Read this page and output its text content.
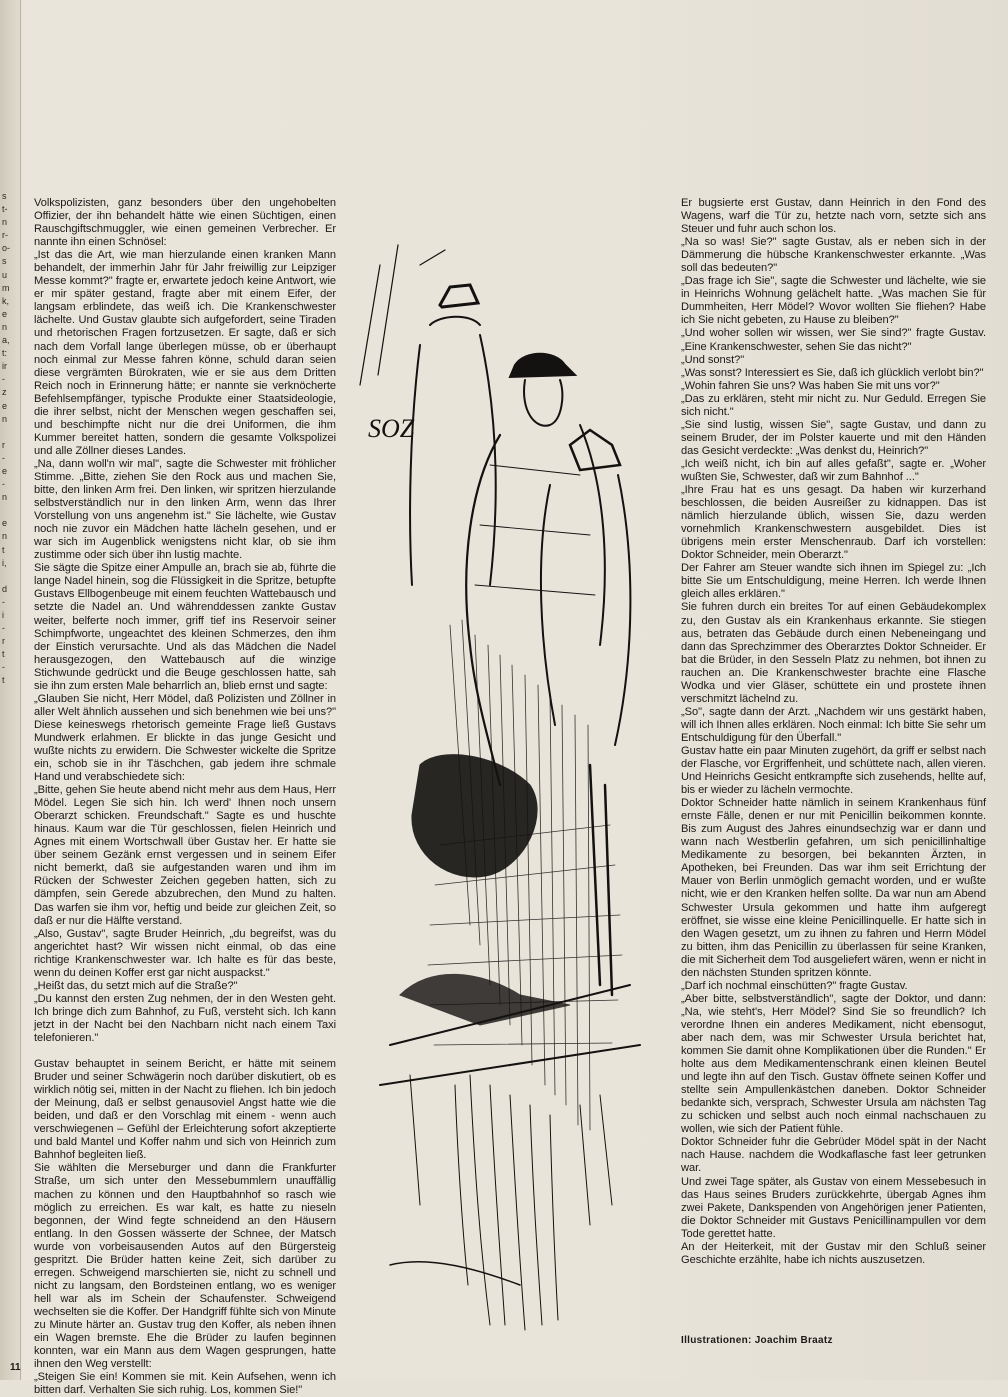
s
t-
n
r-
o-
s
u
m
k,
e
n
a,
t:
ir
-
z
e
n
r
-
e
-
n
e
n
t
i,
d
-
i
-
r
t
-
t

Volkspolizisten, ganz besonders über den ungehobelten Offizier, der ihn behandelt hätte wie einen Süchtigen, einen Rauschgiftschmuggler, wie einen gemeinen Verbrecher. Er nannte ihn einen Schnösel:

„Ist das die Art, wie man hierzulande einen kranken Mann behandelt, der immerhin Jahr für Jahr freiwillig zur Leipziger Messe kommt?" fragte er, erwartete jedoch keine Antwort, wie er mir später gestand, fragte aber mit einem Eifer, der langsam erblindete, das weiß ich. Die Krankenschwester lächelte. Und Gustav glaubte sich aufgefordert, seine Tiraden und rhetorischen Fragen fortzusetzen. Er sagte, daß er sich nach dem Vorfall lange überlegen müsse, ob er überhaupt noch einmal zur Messe fahren könne, schuld daran seien diese vergrämten Bürokraten, wie er sie aus dem Dritten Reich noch in Erinnerung hätte; er nannte sie verknöcherte Befehlsempfänger, typische Produkte einer Staatsideologie, die ihrer selbst, nicht der Menschen wegen geschaffen sei, und beschimpfte nicht nur die drei Uniformen, die ihm Kummer bereitet hatten, sondern die gesamte Volkspolizei und alle Zöllner dieses Landes.

„Na, dann woll'n wir mal", sagte die Schwester mit fröhlicher Stimme. „Bitte, ziehen Sie den Rock aus und machen Sie, bitte, den linken Arm frei. Den linken, wir spritzen hierzulande selbstverständlich nur in den linken Arm, wenn das Ihrer Vorstellung von uns angenehm ist." Sie lächelte, wie Gustav noch nie zuvor ein Mädchen hatte lächeln gesehen, und er war sich im Augenblick wenigstens nicht klar, ob sie ihm zustimme oder sich über ihn lustig machte.

Sie sägte die Spitze einer Ampulle an, brach sie ab, führte die lange Nadel hinein, sog die Flüssigkeit in die Spritze, betupfte Gustavs Ellbogenbeuge mit einem feuchten Wattebausch und setzte die Nadel an. Und währenddessen zankte Gustav weiter, belferte noch immer, griff tief ins Reservoir seiner Schimpfworte, ungeachtet des kleinen Schmerzes, den ihm der Einstich verursachte. Und als das Mädchen die Nadel herausgezogen, den Wattebausch auf die winzige Stichwunde gedrückt und die Beuge geschlossen hatte, sah sie ihn zum ersten Male beharrlich an, blieb ernst und sagte:

„Glauben Sie nicht, Herr Mödel, daß Polizisten und Zöllner in aller Welt ähnlich aussehen und sich benehmen wie bei uns?" Diese keineswegs rhetorisch gemeinte Frage ließ Gustavs Mundwerk erlahmen. Er blickte in das junge Gesicht und wußte nichts zu erwidern. Die Schwester wickelte die Spritze ein, schob sie in ihr Täschchen, gab jedem ihre schmale Hand und verabschiedete sich:

„Bitte, gehen Sie heute abend nicht mehr aus dem Haus, Herr Mödel. Legen Sie sich hin. Ich werd' Ihnen noch unsern Oberarzt schicken. Freundschaft." Sagte es und huschte hinaus. Kaum war die Tür geschlossen, fielen Heinrich und Agnes mit einem Wortschwall über Gustav her. Er hatte sie über seinem Gezänk ernst vergessen und in seinem Eifer nicht bemerkt, daß sie aufgestanden waren und ihm im Rücken der Schwester Zeichen gegeben hatten, sich zu dämpfen, sein Gerede abzubrechen, den Mund zu halten. Das warfen sie ihm vor, heftig und beide zur gleichen Zeit, so daß er nur die Hälfte verstand.

„Also, Gustav", sagte Bruder Heinrich, „du begreifst, was du angerichtet hast? Wir wissen nicht einmal, ob das eine richtige Krankenschwester war. Ich halte es für das beste, wenn du deinen Koffer erst gar nicht auspackst."

„Heißt das, du setzt mich auf die Straße?"

„Du kannst den ersten Zug nehmen, der in den Westen geht. Ich bringe dich zum Bahnhof, zu Fuß, versteht sich. Ich kann jetzt in der Nacht bei den Nachbarn nicht nach einem Taxi telefonieren."

Gustav behauptet in seinem Bericht, er hätte mit seinem Bruder und seiner Schwägerin noch darüber diskutiert, ob es wirklich nötig sei, mitten in der Nacht zu fliehen. Ich bin jedoch der Meinung, daß er selbst genausoviel Angst hatte wie die beiden, und daß er den Vorschlag mit einem - wenn auch verschwiegenen – Gefühl der Erleichterung sofort akzeptierte und bald Mantel und Koffer nahm und sich von Heinrich zum Bahnhof begleiten ließ.

Sie wählten die Merseburger und dann die Frankfurter Straße, um sich unter den Messebummlern unauffällig machen zu können und den Hauptbahnhof so rasch wie möglich zu erreichen. Es war kalt, es hatte zu nieseln begonnen, der Wind fegte schneidend an den Häusern entlang. In den Gossen wässerte der Schnee, der Matsch wurde von vorbeisausenden Autos auf den Bürgersteig gespritzt. Die Brüder hatten keine Zeit, sich darüber zu erregen. Schweigend marschierten sie, nicht zu schnell und nicht zu langsam, den Bordsteinen entlang, wo es weniger hell war als im Schein der Schaufenster. Schweigend wechselten sie die Koffer. Der Handgriff fühlte sich von Minute zu Minute härter an. Gustav trug den Koffer, als neben ihnen ein Wagen bremste. Ehe die Brüder zu laufen beginnen konnten, war ein Mann aus dem Wagen gesprungen, hatte ihnen den Weg verstellt:

„Steigen Sie ein! Kommen sie mit. Kein Aufsehen, wenn ich bitten darf. Verhalten Sie sich ruhig. Los, kommen Sie!"

SOZ

Er bugsierte erst Gustav, dann Heinrich in den Fond des Wagens, warf die Tür zu, hetzte nach vorn, setzte sich ans Steuer und fuhr auch schon los.

„Na so was! Sie?" sagte Gustav, als er neben sich in der Dämmerung die hübsche Krankenschwester erkannte. „Was soll das bedeuten?"

„Das frage ich Sie", sagte die Schwester und lächelte, wie sie in Heinrichs Wohnung gelächelt hatte. „Was machen Sie für Dummheiten, Herr Mödel? Wovor wollten Sie fliehen? Habe ich Sie nicht gebeten, zu Hause zu bleiben?"

„Und woher sollen wir wissen, wer Sie sind?" fragte Gustav. „Eine Krankenschwester, sehen Sie das nicht?"

„Und sonst?"

„Was sonst? Interessiert es Sie, daß ich glücklich verlobt bin?"

„Wohin fahren Sie uns? Was haben Sie mit uns vor?"

„Das zu erklären, steht mir nicht zu. Nur Geduld. Erregen Sie sich nicht."

„Sie sind lustig, wissen Sie", sagte Gustav, und dann zu seinem Bruder, der im Polster kauerte und mit den Händen das Gesicht verdeckte: „Was denkst du, Heinrich?"

„Ich weiß nicht, ich bin auf alles gefaßt", sagte er. „Woher wußten Sie, Schwester, daß wir zum Bahnhof ..."

„Ihre Frau hat es uns gesagt. Da haben wir kurzerhand beschlossen, die beiden Ausreißer zu kidnappen. Das ist nämlich hierzulande üblich, wissen Sie, dazu werden vornehmlich Krankenschwestern ausgebildet. Dies ist übrigens mein erster Menschenraub. Darf ich vorstellen: Doktor Schneider, mein Oberarzt."

Der Fahrer am Steuer wandte sich ihnen im Spiegel zu: „Ich bitte Sie um Entschuldigung, meine Herren. Ich werde Ihnen gleich alles erklären."

Sie fuhren durch ein breites Tor auf einen Gebäudekomplex zu, den Gustav als ein Krankenhaus erkannte. Sie stiegen aus, betraten das Gebäude durch einen Nebeneingang und dann das Sprechzimmer des Oberarztes Doktor Schneider. Er bat die Brüder, in den Sesseln Platz zu nehmen, bot ihnen zu rauchen an. Die Krankenschwester brachte eine Flasche Wodka und vier Gläser, schüttete ein und prostete ihnen verschmitzt lächelnd zu.

„So", sagte dann der Arzt. „Nachdem wir uns gestärkt haben, will ich Ihnen alles erklären. Noch einmal: Ich bitte Sie sehr um Entschuldigung für den Überfall."

Gustav hatte ein paar Minuten zugehört, da griff er selbst nach der Flasche, vor Ergriffenheit, und schüttete nach, allen vieren. Und Heinrichs Gesicht entkrampfte sich zusehends, hellte auf, bis er wieder zu lächeln vermochte.

Doktor Schneider hatte nämlich in seinem Krankenhaus fünf ernste Fälle, denen er nur mit Penicillin beikommen konnte. Bis zum August des Jahres einundsechzig war er dann und wann nach Westberlin gefahren, um sich penicillinhaltige Medikamente zu besorgen, bei bekannten Ärzten, in Apotheken, bei Freunden. Das war ihm seit Errichtung der Mauer von Berlin unmöglich gemacht worden, und er wußte nicht, wie er den Kranken helfen sollte. Da war nun am Abend Schwester Ursula gekommen und hatte ihm aufgeregt eröffnet, sie wisse eine kleine Penicillinquelle. Er hatte sich in den Wagen gesetzt, um zu ihnen zu fahren und Herrn Mödel zu bitten, ihm das Penicillin zu überlassen für seine Kranken, die mit Sicherheit dem Tod ausgeliefert wären, wenn er nicht in den nächsten Stunden spritzen könnte.

„Darf ich nochmal einschütten?" fragte Gustav.

„Aber bitte, selbstverständlich", sagte der Doktor, und dann: „Na, wie steht's, Herr Mödel? Sind Sie so freundlich? Ich verordne Ihnen ein anderes Medikament, nicht ebensogut, aber nach dem, was mir Schwester Ursula berichtet hat, kommen Sie damit ohne Komplikationen über die Runden." Er holte aus dem Medikamentenschrank einen kleinen Beutel und legte ihn auf den Tisch. Gustav öffnete seinen Koffer und stellte sein Ampullenkästchen daneben. Doktor Schneider bedankte sich, versprach, Schwester Ursula am nächsten Tag zu schicken und selbst auch noch einmal nachschauen zu wollen, wie sich der Patient fühle.

Doktor Schneider fuhr die Gebrüder Mödel spät in der Nacht nach Hause. nachdem die Wodkaflasche fast leer getrunken war.

Und zwei Tage später, als Gustav von einem Messebesuch in das Haus seines Bruders zurückkehrte, übergab Agnes ihm zwei Pakete, Dankspenden von Angehörigen jener Patienten, die Doktor Schneider mit Gustavs Penicillinampullen vor dem Tode gerettet hatte.

An der Heiterkeit, mit der Gustav mir den Schluß seiner Geschichte erzählte, habe ich nichts auszusetzen.

Illustrationen: Joachim Braatz
11
